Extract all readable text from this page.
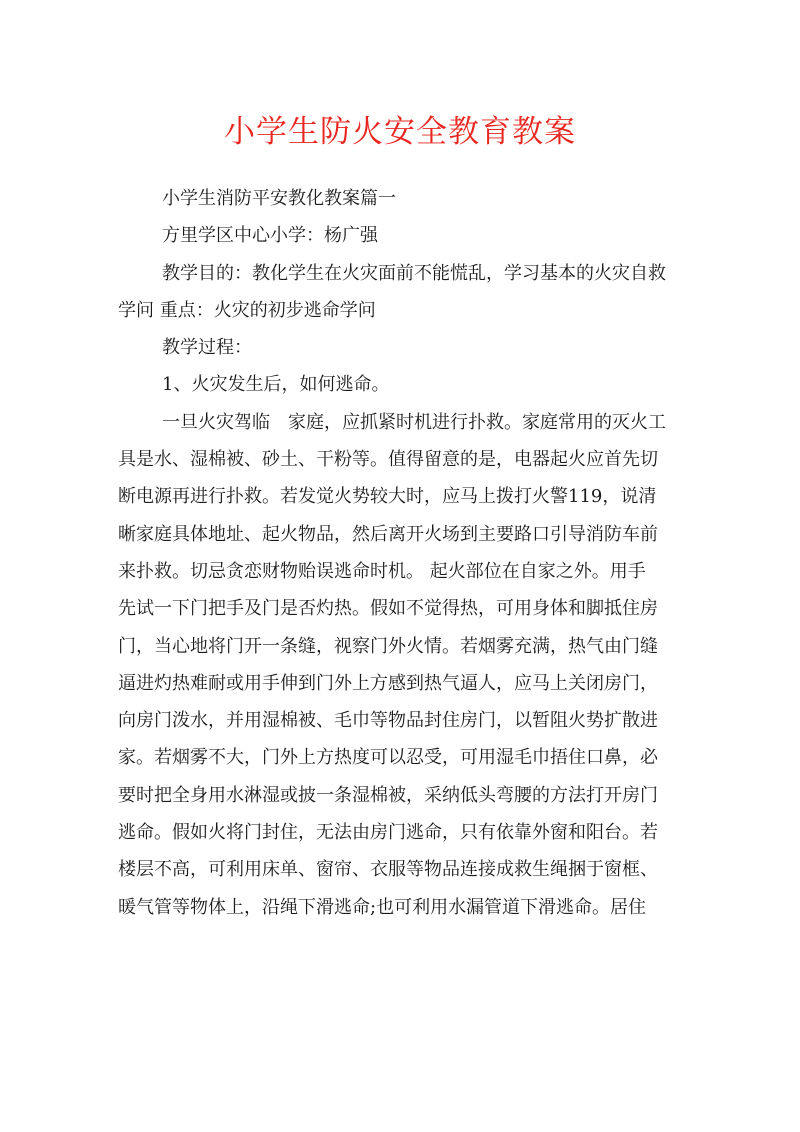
小学生防火安全教育教案
小学生消防平安教化教案篇一
方里学区中心小学：杨广强
教学目的：教化学生在火灾面前不能慌乱，学习基本的火灾自救
学问 重点：火灾的初步逃命学问
教学过程：
1、火灾发生后，如何逃命。
一旦火灾驾临　家庭，应抓紧时机进行扑救。家庭常用的灭火工
具是水、湿棉被、砂土、干粉等。值得留意的是，电器起火应首先切
断电源再进行扑救。若发觉火势较大时，应马上拨打火警119，说清
晰家庭具体地址、起火物品，然后离开火场到主要路口引导消防车前
来扑救。切忌贪恋财物贻误逃命时机。 起火部位在自家之外。用手
先试一下门把手及门是否灼热。假如不觉得热，可用身体和脚抵住房
门，当心地将门开一条缝，视察门外火情。若烟雾充满，热气由门缝
逼进灼热难耐或用手伸到门外上方感到热气逼人，应马上关闭房门，
向房门泼水，并用湿棉被、毛巾等物品封住房门，以暂阻火势扩散进
家。若烟雾不大，门外上方热度可以忍受，可用湿毛巾捂住口鼻，必
要时把全身用水淋湿或披一条湿棉被，采纳低头弯腰的方法打开房门
逃命。假如火将门封住，无法由房门逃命，只有依靠外窗和阳台。若
楼层不高，可利用床单、窗帘、衣服等物品连接成救生绳捆于窗框、
暖气管等物体上，沿绳下滑逃命;也可利用水漏管道下滑逃命。居住
